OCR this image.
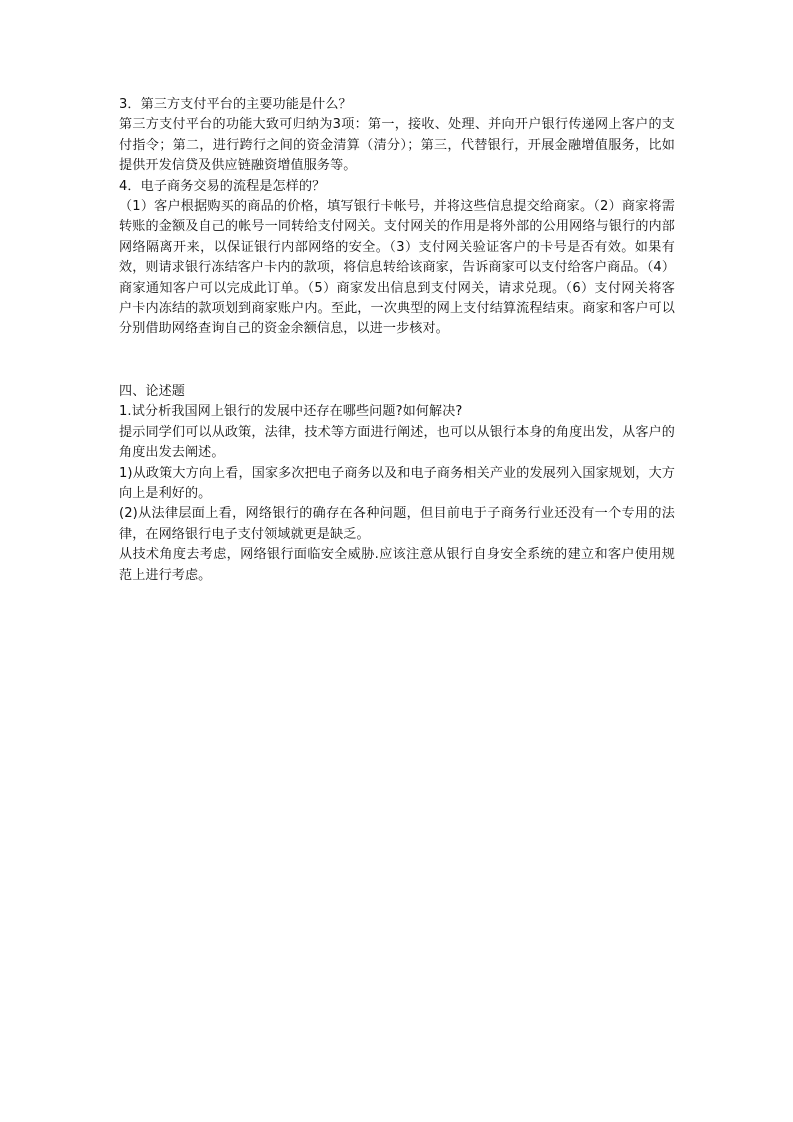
3．第三方支付平台的主要功能是什么？

第三方支付平台的功能大致可归纳为3项：第一，接收、处理、并向开户银行传递网上客户的支付指令；第二，进行跨行之间的资金清算（清分）；第三，代替银行，开展金融增值服务，比如提供开发信贷及供应链融资增值服务等。

4．电子商务交易的流程是怎样的？

（1）客户根据购买的商品的价格，填写银行卡帐号，并将这些信息提交给商家。（2）商家将需转账的金额及自己的帐号一同转给支付网关。支付网关的作用是将外部的公用网络与银行的内部网络隔离开来，以保证银行内部网络的安全。（3）支付网关验证客户的卡号是否有效。如果有效，则请求银行冻结客户卡内的款项，将信息转给该商家，告诉商家可以支付给客户商品。（4）商家通知客户可以完成此订单。（5）商家发出信息到支付网关，请求兑现。（6）支付网关将客户卡内冻结的款项划到商家账户内。至此，一次典型的网上支付结算流程结束。商家和客户可以分别借助网络查询自己的资金余额信息，以进一步核对。

四、论述题

1.试分析我国网上银行的发展中还存在哪些问题?如何解决?

提示同学们可以从政策，法律，技术等方面进行阐述，也可以从银行本身的角度出发，从客户的角度出发去阐述。

1)从政策大方向上看，国家多次把电子商务以及和电子商务相关产业的发展列入国家规划，大方向上是利好的。

(2)从法律层面上看，网络银行的确存在各种问题，但目前电于子商务行业还没有一个专用的法律，在网络银行电子支付领域就更是缺乏。

从技术角度去考虑，网络银行面临安全威胁.应该注意从银行自身安全系统的建立和客户使用规范上进行考虑。
